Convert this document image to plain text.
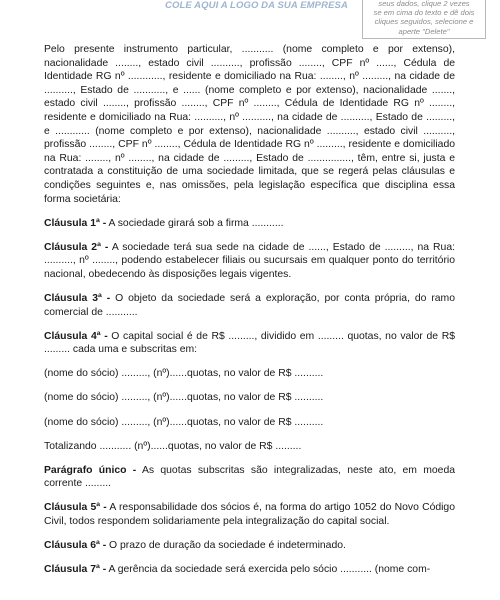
COLE AQUI A LOGO DA SUA EMPRESA	seus dados, clique 2 vezes
se em cima do texto e dê dois
cliques seguidos, selecione e
aperte "Delete"

Pelo presente instrumento particular, ........... (nome completo e por extenso), nacionalidade ........, estado civil .........., profissão ........, CPF nº ......, Cédula de Identidade RG nº ............, residente e domiciliado na Rua: ........, nº ........., na cidade de .........., Estado de ..........., e ...... (nome completo e por extenso), nacionalidade ......., estado civil ........, profissão ........, CPF nº ........, Cédula de Identidade RG nº ........, residente e domiciliado na Rua: .........., nº .........., na cidade de .........., Estado de ........., e ............ (nome completo e por extenso), nacionalidade .........., estado civil .........., profissão ........, CPF nº ........, Cédula de Identidade RG nº ........., residente e domiciliado na Rua: ........, nº ........, na cidade de ........., Estado de ..............., têm, entre si, justa e contratada a constituição de uma sociedade limitada, que se regerá pelas cláusulas e condições seguintes e, nas omissões, pela legislação específica que disciplina essa forma societária:

Cláusula 1ª - A sociedade girará sob a firma ...........

Cláusula 2ª - A sociedade terá sua sede na cidade de ......, Estado de ........., na Rua: .........., nº ........, podendo estabelecer filiais ou sucursais em qualquer ponto do território nacional, obedecendo às disposições legais vigentes.

Cláusula 3ª - O objeto da sociedade será a exploração, por conta própria, do ramo comercial de ...........

Cláusula 4ª - O capital social é de R$ ........., dividido em ......... quotas, no valor de R$ ......... cada uma e subscritas em:

(nome do sócio) ........., (nº)......quotas, no valor de R$ ..........

(nome do sócio) ........., (nº)......quotas, no valor de R$ ..........

(nome do sócio) ........., (nº)......quotas, no valor de R$ ..........

Totalizando ........... (nº)......quotas, no valor de R$ .........

Parágrafo único - As quotas subscritas são integralizadas, neste ato, em moeda corrente .........

Cláusula 5ª - A responsabilidade dos sócios é, na forma do artigo 1052 do Novo Código Civil, todos respondem solidariamente pela integralização do capital social.

Cláusula 6ª - O prazo de duração da sociedade é indeterminado.

Cláusula 7ª - A gerência da sociedade será exercida pelo sócio ........... (nome com-
